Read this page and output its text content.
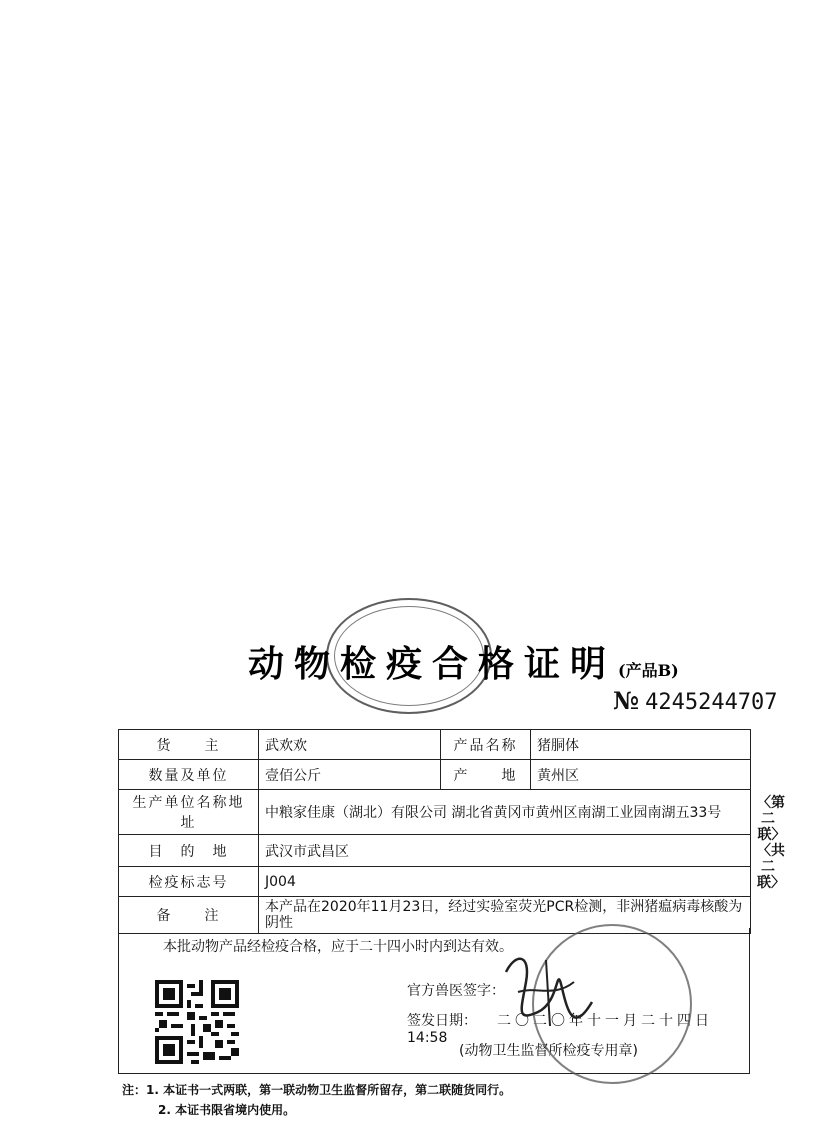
动物检疫合格证明 (产品B)
№ 4245244707
货　　主	武欢欢	产品名称	猪胴体
数量及单位	壹佰公斤	产　　地	黄州区
生产单位名称地址	中粮家佳康（湖北）有限公司 湖北省黄冈市黄州区南湖工业园南湖五33号		
目　的　地	武汉市武昌区		
检疫标志号	J004		
备　　注	本产品在2020年11月23日，经过实验室荧光PCR检测，非洲猪瘟病毒核酸为阴性		
本批动物产品经检疫合格，应于二十四小时内到达有效。
官方兽医签字：
签发日期： 二〇二〇年十一月二十四日14:58
(动物卫生监督所检疫专用章)
〈第二联〉〈共二联〉
注：1. 本证书一式两联，第一联动物卫生监督所留存，第二联随货同行。
2. 本证书限省境内使用。
